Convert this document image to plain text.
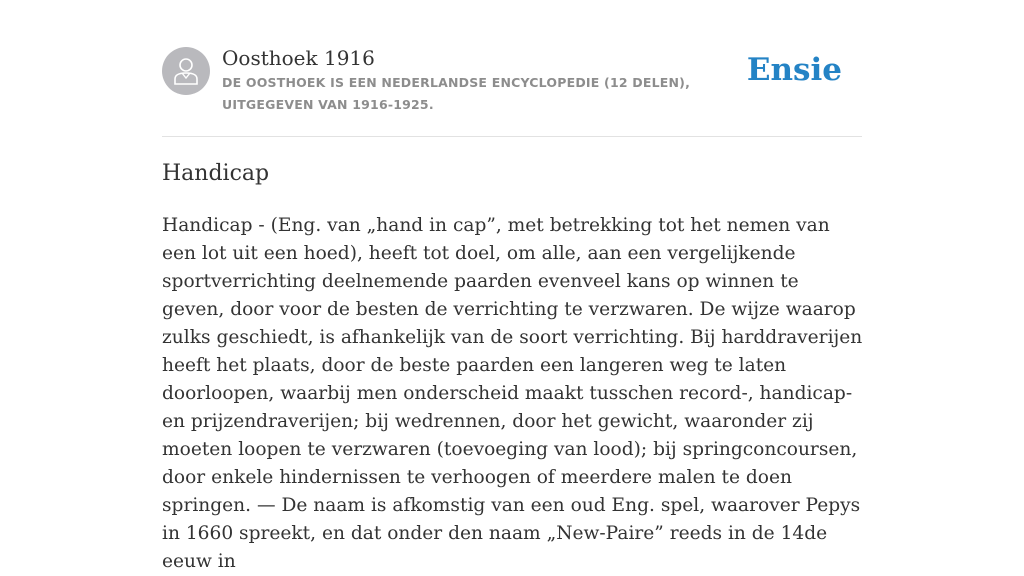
Oosthoek 1916
DE OOSTHOEK IS EEN NEDERLANDSE ENCYCLOPEDIE (12 DELEN), UITGEGEVEN VAN 1916-1925.
Ensie
Handicap

Handicap - (Eng. van „hand in cap”, met betrekking tot het nemen van een lot uit een hoed), heeft tot doel, om alle, aan een vergelijkende sportverrichting deelnemende paarden evenveel kans op winnen te geven, door voor de besten de verrichting te verzwaren. De wijze waarop zulks geschiedt, is afhankelijk van de soort verrichting. Bij harddraverijen heeft het plaats, door de beste paarden een langeren weg te laten doorloopen, waarbij men onderscheid maakt tusschen record-, handicap- en prijzendraverijen; bij wedrennen, door het gewicht, waaronder zij moeten loopen te verzwaren (toevoeging van lood); bij springconcoursen, door enkele hindernissen te verhoogen of meerdere malen te doen springen. — De naam is afkomstig van een oud Eng. spel, waarover Pepys in 1660 spreekt, en dat onder den naam „New-Paire” reeds in de 14de eeuw in
